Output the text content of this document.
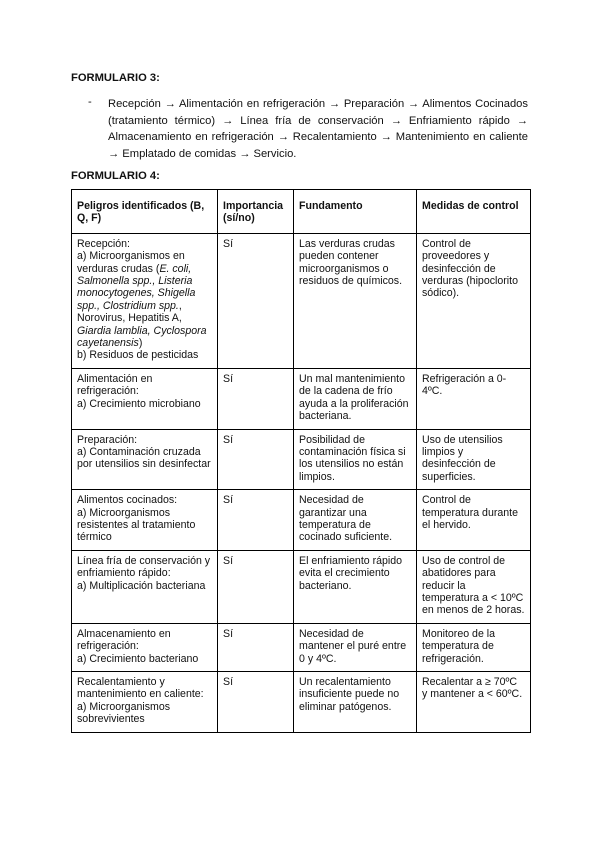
FORMULARIO 3:
- Recepción → Alimentación en refrigeración → Preparación → Alimentos Cocinados (tratamiento térmico) → Línea fría de conservación → Enfriamiento rápido → Almacenamiento en refrigeración → Recalentamiento → Mantenimiento en caliente → Emplatado de comidas → Servicio.
FORMULARIO 4:
Peligros identificados (B, Q, F)	Importancia (sí/no)	Fundamento	Medidas de control

Recepción:
a) Microorganismos en verduras crudas (E. coli, Salmonella spp., Listeria monocytogenes, Shigella spp., Clostridium spp., Norovirus, Hepatitis A, Giardia lamblia, Cyclospora cayetanensis)
b) Residuos de pesticidas	Sí	Las verduras crudas pueden contener microorganismos o residuos de químicos.	Control de proveedores y desinfección de verduras (hipoclorito sódico).

Alimentación en refrigeración:
a) Crecimiento microbiano	Sí	Un mal mantenimiento de la cadena de frío ayuda a la proliferación bacteriana.	Refrigeración a 0-4ºC.

Preparación:
a) Contaminación cruzada por utensilios sin desinfectar	Sí	Posibilidad de contaminación física si los utensilios no están limpios.	Uso de utensilios limpios y desinfección de superficies.

Alimentos cocinados:
a) Microorganismos resistentes al tratamiento térmico	Sí	Necesidad de garantizar una temperatura de cocinado suficiente.	Control de temperatura durante el hervido.

Línea fría de conservación y enfriamiento rápido:
a) Multiplicación bacteriana	Sí	El enfriamiento rápido evita el crecimiento bacteriano.	Uso de control de abatidores para reducir la temperatura a < 10ºC en menos de 2 horas.

Almacenamiento en refrigeración:
a) Crecimiento bacteriano	Sí	Necesidad de mantener el puré entre 0 y 4ºC.	Monitoreo de la temperatura de refrigeración.

Recalentamiento y mantenimiento en caliente:
a) Microorganismos sobrevivientes	Sí	Un recalentamiento insuficiente puede no eliminar patógenos.	Recalentar a ≥ 70ºC y mantener a < 60ºC.
